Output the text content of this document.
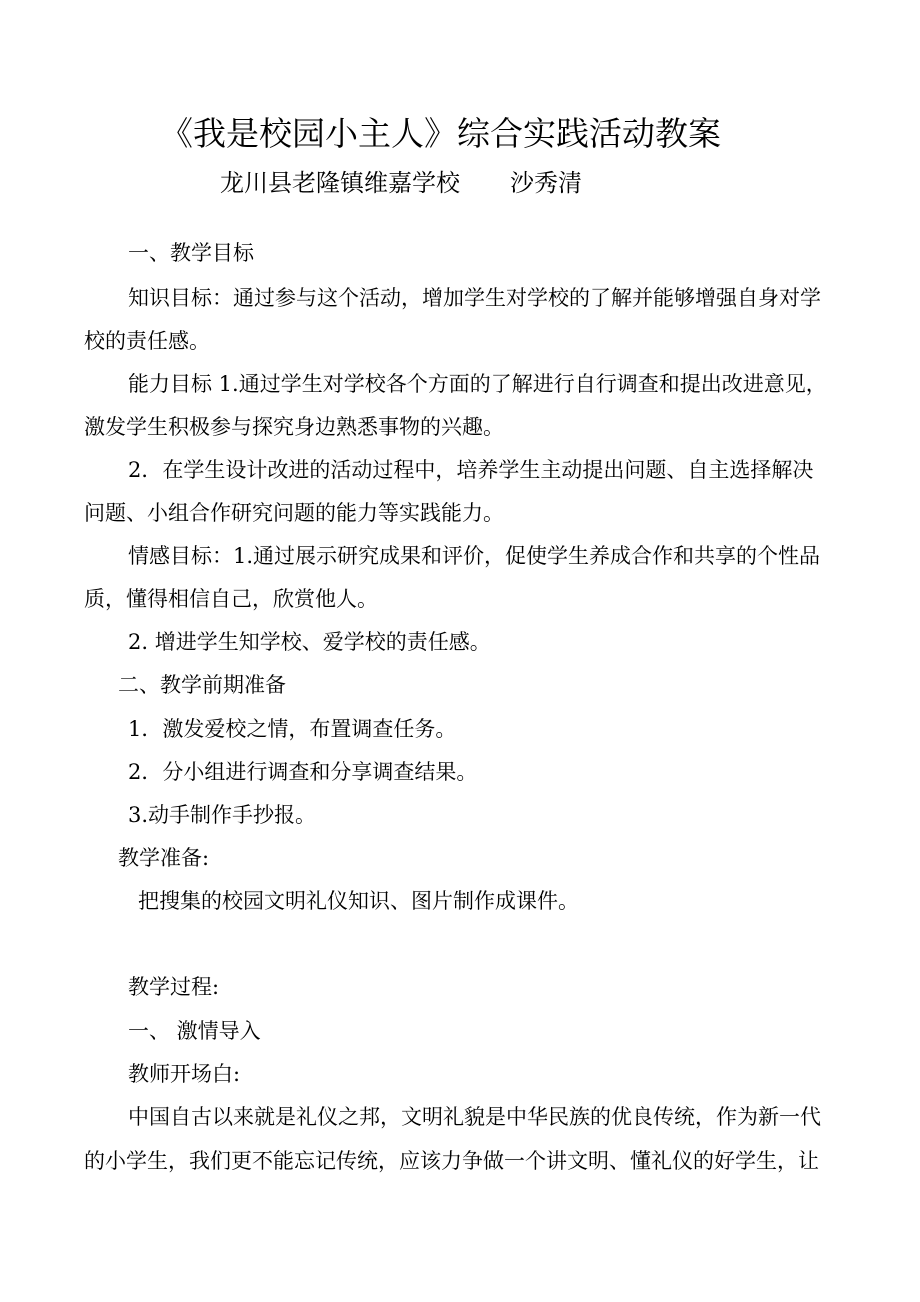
《我是校园小主人》综合实践活动教案

龙川县老隆镇维嘉学校 沙秀清

一、教学目标

知识目标：通过参与这个活动，增加学生对学校的了解并能够增强自身对学

校的责任感。

能力目标 1.通过学生对学校各个方面的了解进行自行调查和提出改进意见，

激发学生积极参与探究身边熟悉事物的兴趣。

2．在学生设计改进的活动过程中，培养学生主动提出问题、自主选择解决

问题、小组合作研究问题的能力等实践能力。

情感目标：1.通过展示研究成果和评价，促使学生养成合作和共享的个性品

质，懂得相信自己，欣赏他人。

2. 增进学生知学校、爱学校的责任感。

二、教学前期准备

1．激发爱校之情，布置调查任务。

2．分小组进行调查和分享调查结果。

3.动手制作手抄报。

教学准备:

把搜集的校园文明礼仪知识、图片制作成课件。

教学过程:

一、 激情导入

教师开场白:

中国自古以来就是礼仪之邦，文明礼貌是中华民族的优良传统，作为新一代

的小学生，我们更不能忘记传统，应该力争做一个讲文明、懂礼仪的好学生，让
